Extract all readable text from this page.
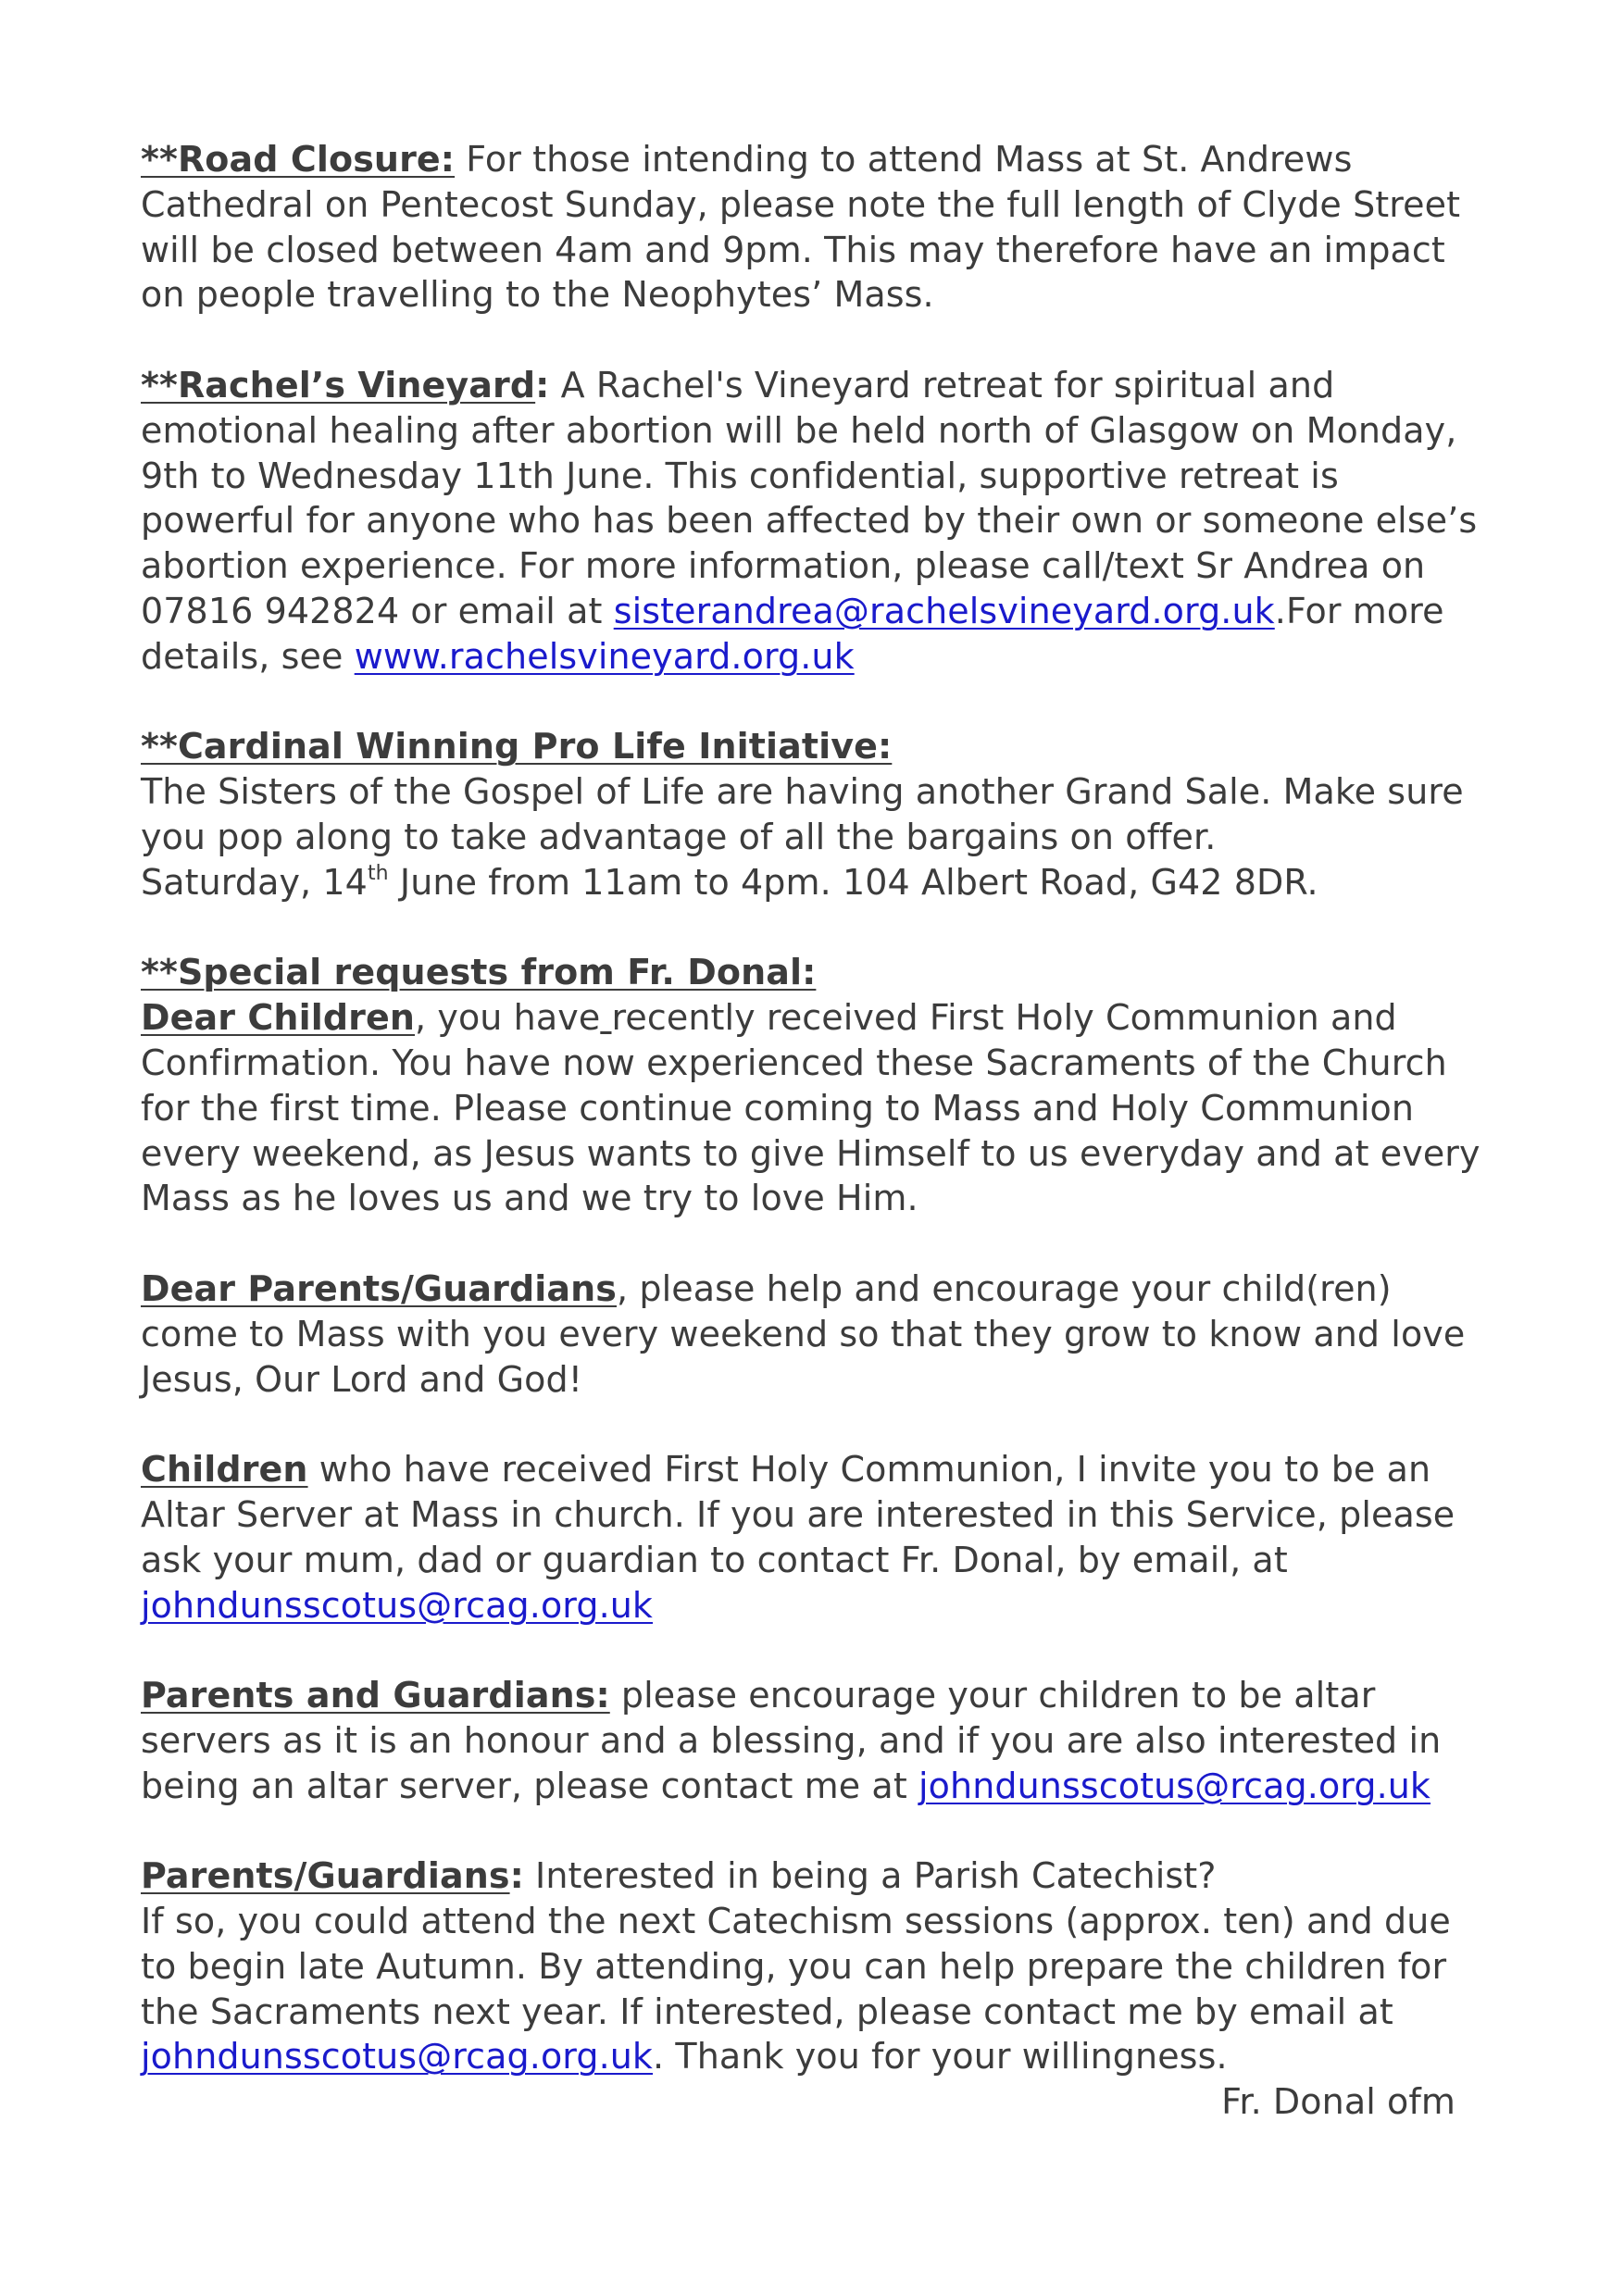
**Road Closure: For those intending to attend Mass at St. Andrews Cathedral on Pentecost Sunday, please note the full length of Clyde Street will be closed between 4am and 9pm. This may therefore have an impact on people travelling to the Neophytes’ Mass.

**Rachel’s Vineyard: A Rachel's Vineyard retreat for spiritual and emotional healing after abortion will be held north of Glasgow on Monday, 9th to Wednesday 11th June. This confidential, supportive retreat is powerful for anyone who has been affected by their own or someone else’s abortion experience. For more information, please call/text Sr Andrea on 07816 942824 or email at sisterandrea@rachelsvineyard.org.uk.For more details, see www.rachelsvineyard.org.uk

**Cardinal Winning Pro Life Initiative:

The Sisters of the Gospel of Life are having another Grand Sale. Make sure you pop along to take advantage of all the bargains on offer.

Saturday, 14th June from 11am to 4pm. 104 Albert Road, G42 8DR.

**Special requests from Fr. Donal:

Dear Children, you have recently received First Holy Communion and Confirmation. You have now experienced these Sacraments of the Church for the first time. Please continue coming to Mass and Holy Communion every weekend, as Jesus wants to give Himself to us everyday and at every Mass as he loves us and we try to love Him.

Dear Parents/Guardians, please help and encourage your child(ren) come to Mass with you every weekend so that they grow to know and love Jesus, Our Lord and God!

Children who have received First Holy Communion, I invite you to be an Altar Server at Mass in church. If you are interested in this Service, please ask your mum, dad or guardian to contact Fr. Donal, by email, at johndunsscotus@rcag.org.uk

Parents and Guardians: please encourage your children to be altar servers as it is an honour and a blessing, and if you are also interested in being an altar server, please contact me at johndunsscotus@rcag.org.uk

Parents/Guardians: Interested in being a Parish Catechist?

If so, you could attend the next Catechism sessions (approx. ten) and due to begin late Autumn. By attending, you can help prepare the children for the Sacraments next year. If interested, please contact me by email at johndunsscotus@rcag.org.uk. Thank you for your willingness.

Fr. Donal ofm
